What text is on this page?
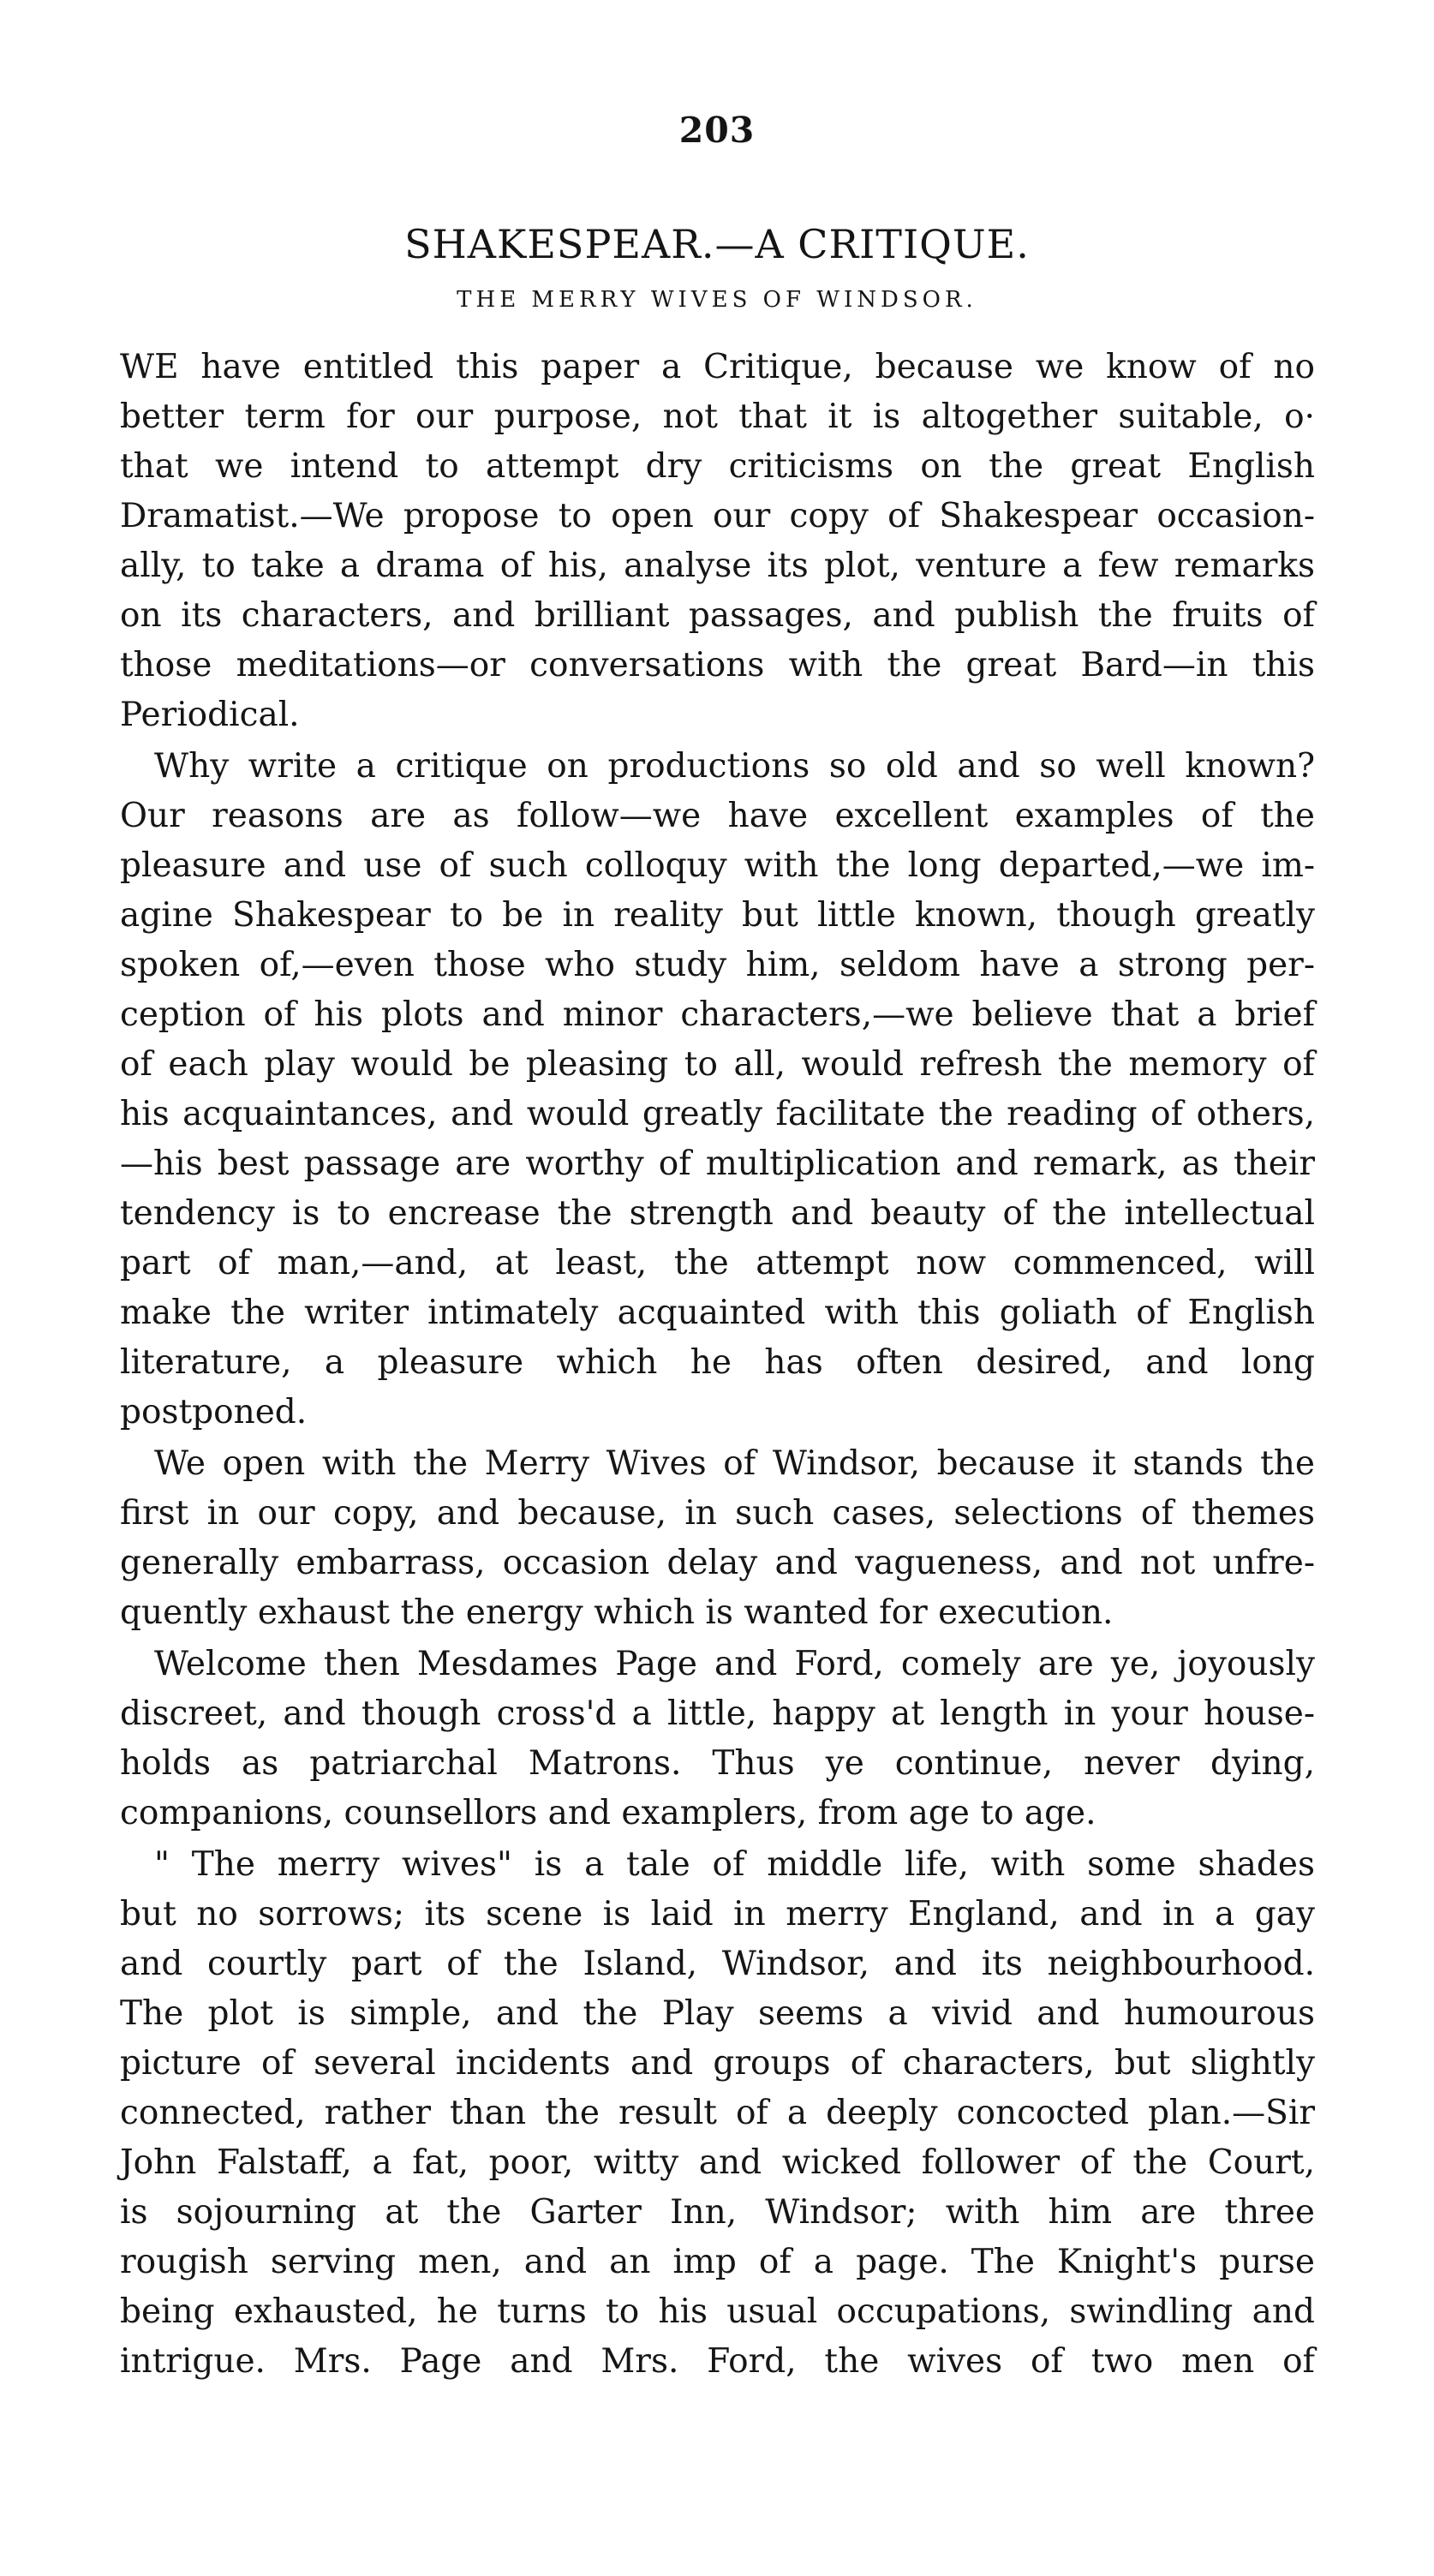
203
SHAKESPEAR.—A CRITIQUE.
THE MERRY WIVES OF WINDSOR.
WE have entitled this paper a Critique, because we know of no
better term for our purpose, not that it is altogether suitable, o·
that we intend to attempt dry criticisms on the great English
Dramatist.—We propose to open our copy of Shakespear occasion-
ally, to take a drama of his, analyse its plot, venture a few remarks
on its characters, and brilliant passages, and publish the fruits of
those meditations—or conversations with the great Bard—in this
Periodical.
Why write a critique on productions so old and so well known?
Our reasons are as follow—we have excellent examples of the
pleasure and use of such colloquy with the long departed,—we im-
agine Shakespear to be in reality but little known, though greatly
spoken of,—even those who study him, seldom have a strong per-
ception of his plots and minor characters,—we believe that a brief
of each play would be pleasing to all, would refresh the memory of
his acquaintances, and would greatly facilitate the reading of others,
—his best passage are worthy of multiplication and remark, as their
tendency is to encrease the strength and beauty of the intellectual
part of man,—and, at least, the attempt now commenced, will
make the writer intimately acquainted with this goliath of English
literature, a pleasure which he has often desired, and long
postponed.
We open with the Merry Wives of Windsor, because it stands the
first in our copy, and because, in such cases, selections of themes
generally embarrass, occasion delay and vagueness, and not unfre-
quently exhaust the energy which is wanted for execution.
Welcome then Mesdames Page and Ford, comely are ye, joyously
discreet, and though cross'd a little, happy at length in your house-
holds as patriarchal Matrons. Thus ye continue, never dying,
companions, counsellors and examplers, from age to age.
" The merry wives" is a tale of middle life, with some shades
but no sorrows; its scene is laid in merry England, and in a gay
and courtly part of the Island, Windsor, and its neighbourhood.
The plot is simple, and the Play seems a vivid and humourous
picture of several incidents and groups of characters, but slightly
connected, rather than the result of a deeply concocted plan.—Sir
John Falstaff, a fat, poor, witty and wicked follower of the Court,
is sojourning at the Garter Inn, Windsor; with him are three
rougish serving men, and an imp of a page. The Knight's purse
being exhausted, he turns to his usual occupations, swindling and
intrigue. Mrs. Page and Mrs. Ford, the wives of two men of
